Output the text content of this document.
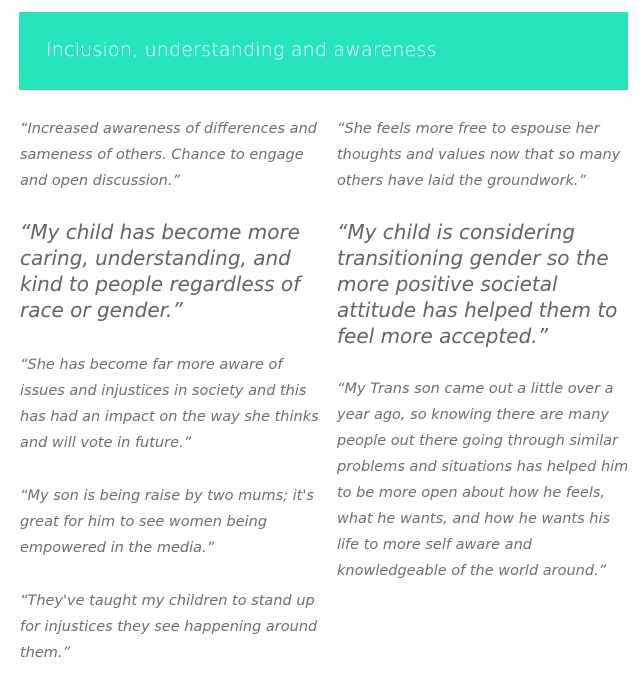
Inclusion, understanding and awareness

“Increased awareness of differences and sameness of others. Chance to engage and open discussion.”

“My child has become more caring, understanding, and kind to people regardless of race or gender.”

“She has become far more aware of issues and injustices in society and this has had an impact on the way she thinks and will vote in future.”

“My son is being raise by two mums; it's great for him to see women being empowered in the media.”

“They've taught my children to stand up for injustices they see happening around them.”

“She feels more free to espouse her thoughts and values now that so many others have laid the groundwork.”

“My child is considering transitioning gender so the more positive societal attitude has helped them to feel more accepted.”

“My Trans son came out a little over a year ago, so knowing there are many people out there going through similar problems and situations has helped him to be more open about how he feels, what he wants, and how he wants his life to more self aware and knowledgeable of the world around.”
